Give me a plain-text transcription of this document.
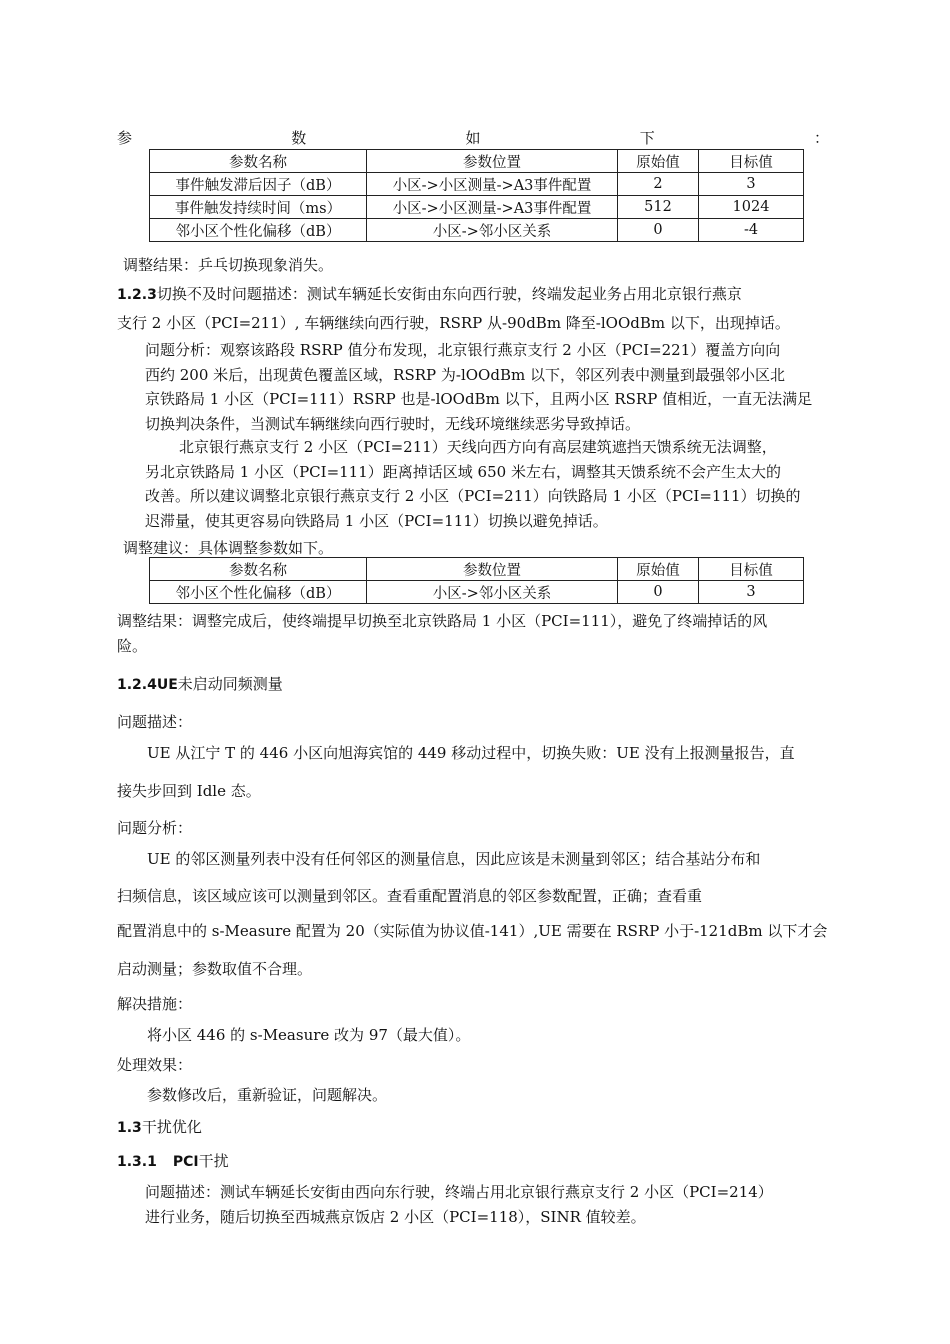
参	数	如	下	：
参数名称	参数位置	原始值	目标值
事件触发滞后因子（dB）	小区->小区测量->A3事件配置	2	3
事件触发持续时间（ms）	小区->小区测量->A3事件配置	512	1024
邻小区个性化偏移（dB）	小区->邻小区关系	0	-4
调整结果：乒乓切换现象消失。
1.2.3切换不及时问题描述：测试车辆延长安街由东向西行驶，终端发起业务占用北京银行燕京
支行 2 小区（PCI=211）, 车辆继续向西行驶，RSRP 从-90dBm 降至-lOOdBm 以下，出现掉话。

问题分析：观察该路段 RSRP 值分布发现，北京银行燕京支行 2 小区（PCI=221）覆盖方向向
西约 200 米后，出现黄色覆盖区域，RSRP 为-lOOdBm 以下，邻区列表中测量到最强邻小区北
京铁路局 1 小区（PCI=111）RSRP 也是-lOOdBm 以下，且两小区 RSRP 值相近，一直无法满足
切换判决条件，当测试车辆继续向西行驶时，无线环境继续恶劣导致掉话。

北京银行燕京支行 2 小区（PCI=211）天线向西方向有高层建筑遮挡天馈系统无法调整，
另北京铁路局 1 小区（PCI=111）距离掉话区域 650 米左右，调整其天馈系统不会产生太大的
改善。所以建议调整北京银行燕京支行 2 小区（PCI=211）向铁路局 1 小区（PCI=111）切换的
迟滞量，使其更容易向铁路局 1 小区（PCI=111）切换以避免掉话。

调整建议：具体调整参数如下。
参数名称	参数位置	原始值	目标值
邻小区个性化偏移（dB）	小区->邻小区关系	0	3

调整结果：调整完成后，使终端提早切换至北京铁路局 1 小区（PCI=111），避免了终端掉话的风
险。

1.2.4UE未启动同频测量
问题描述：
UE 从江宁 T 的 446 小区向旭海宾馆的 449 移动过程中，切换失败：UE 没有上报测量报告，直
接失步回到 Idle 态。
问题分析：
UE 的邻区测量列表中没有任何邻区的测量信息，因此应该是未测量到邻区；结合基站分布和
扫频信息，该区域应该可以测量到邻区。查看重配置消息的邻区参数配置，正确；查看重
配置消息中的 s-Measure 配置为 20（实际值为协议值-141）,UE 需要在 RSRP 小于-121dBm 以下才会
启动测量；参数取值不合理。
解决措施：
将小区 446 的 s-Measure 改为 97（最大值）。
处理效果：
参数修改后，重新验证，问题解决。
1.3干扰优化
1.3.1 PCI干扰

问题描述：测试车辆延长安街由西向东行驶，终端占用北京银行燕京支行 2 小区（PCI=214）
进行业务，随后切换至西城燕京饭店 2 小区（PCI=118），SINR 值较差。
